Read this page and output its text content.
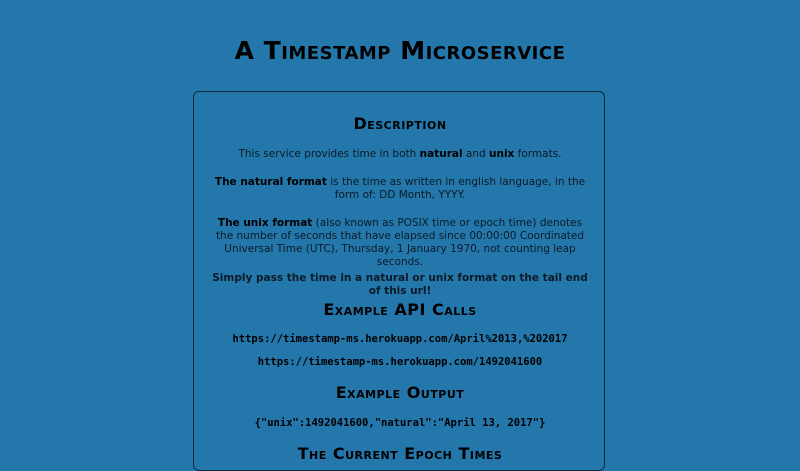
A Timestamp Microservice
Description

This service provides time in both natural and unix formats.

The natural format is the time as written in english language, in the form of: DD Month, YYYY.

The unix format (also known as POSIX time or epoch time) denotes the number of seconds that have elapsed since 00:00:00 Coordinated Universal Time (UTC), Thursday, 1 January 1970, not counting leap seconds.

Simply pass the time in a natural or unix format on the tail end of this url!

Example API Calls
https://timestamp-ms.herokuapp.com/April%2013,%202017
https://timestamp-ms.herokuapp.com/1492041600
Example Output
{"unix":1492041600,"natural":"April 13, 2017"}
The Current Epoch Times
